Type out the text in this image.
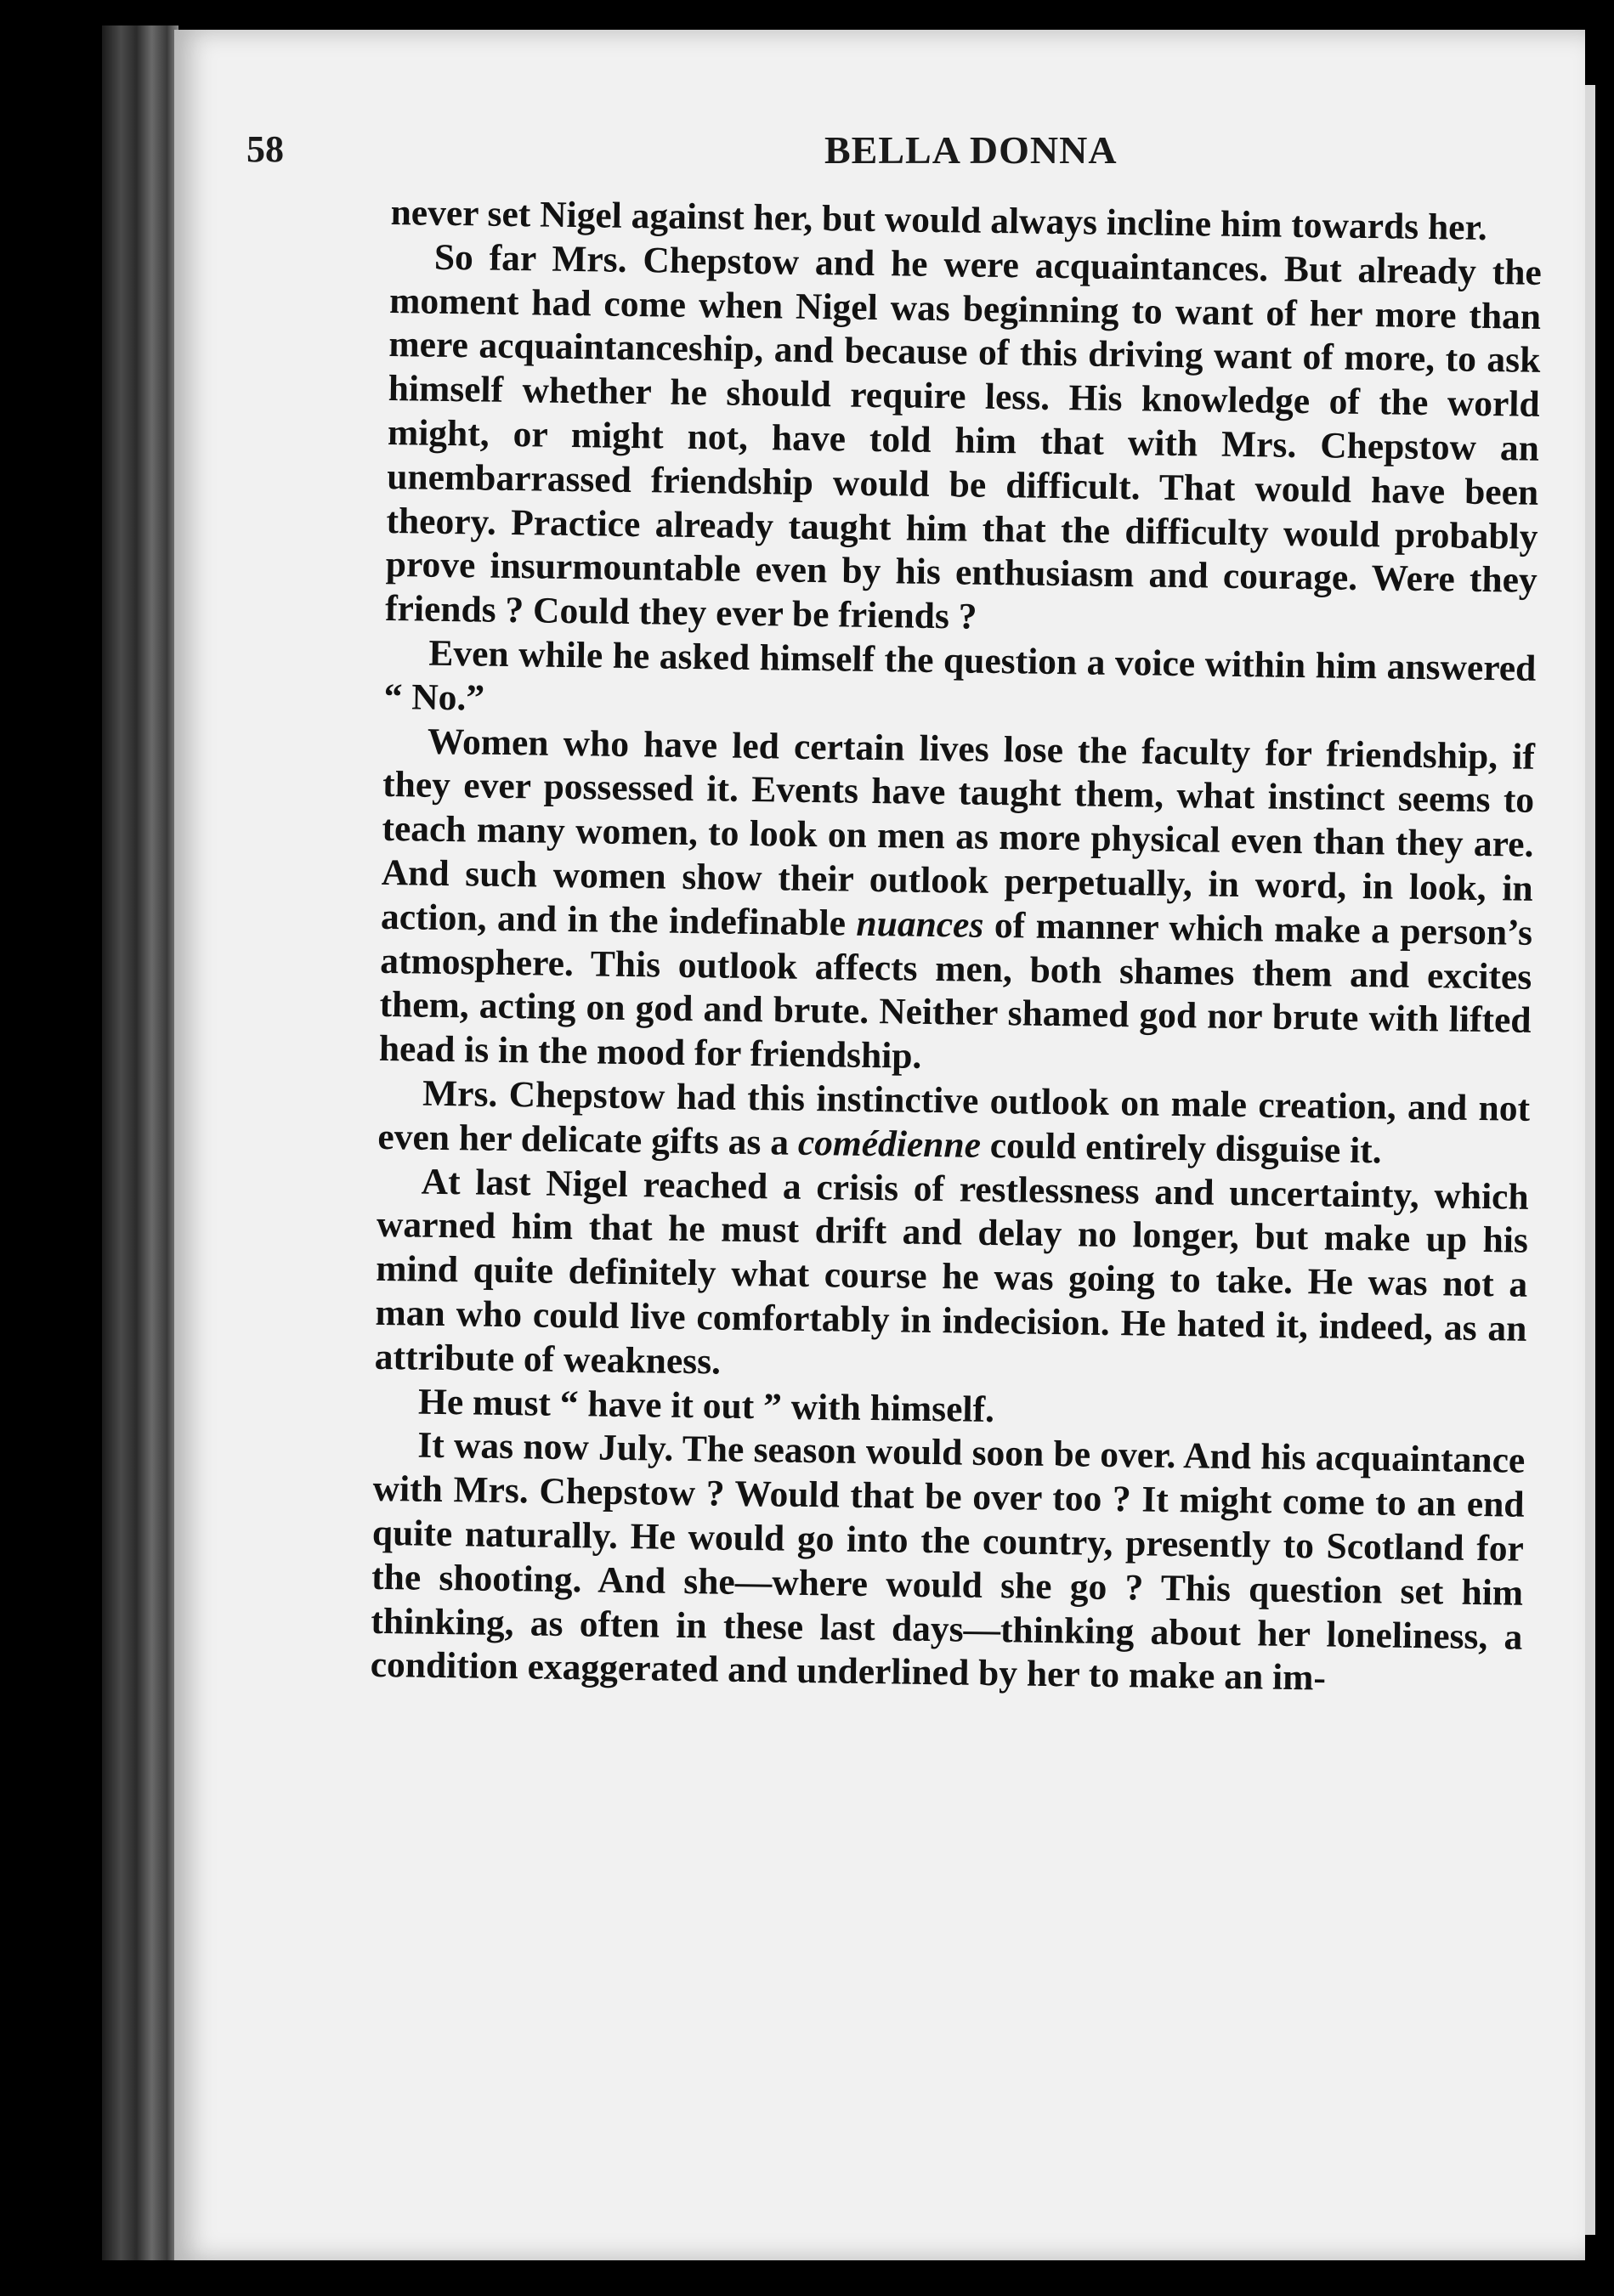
58	BELLA DONNA

never set Nigel against her, but would always incline him towards her.

So far Mrs. Chepstow and he were acquaintances. But already the moment had come when Nigel was beginning to want of her more than mere acquaintanceship, and because of this driving want of more, to ask himself whether he should require less. His knowledge of the world might, or might not, have told him that with Mrs. Chepstow an unembarrassed friendship would be difficult. That would have been theory. Practice already taught him that the difficulty would probably prove insurmountable even by his enthusiasm and courage. Were they friends ? Could they ever be friends ?

Even while he asked himself the question a voice within him answered “ No.”

Women who have led certain lives lose the faculty for friendship, if they ever possessed it. Events have taught them, what instinct seems to teach many women, to look on men as more physical even than they are. And such women show their outlook perpetually, in word, in look, in action, and in the indefinable nuances of manner which make a person’s atmosphere. This outlook affects men, both shames them and excites them, acting on god and brute. Neither shamed god nor brute with lifted head is in the mood for friendship.

Mrs. Chepstow had this instinctive outlook on male creation, and not even her delicate gifts as a comédienne could entirely disguise it.

At last Nigel reached a crisis of restlessness and uncertainty, which warned him that he must drift and delay no longer, but make up his mind quite definitely what course he was going to take. He was not a man who could live comfortably in indecision. He hated it, indeed, as an attribute of weakness.

He must “ have it out ” with himself.

It was now July. The season would soon be over. And his acquaintance with Mrs. Chepstow ? Would that be over too ? It might come to an end quite naturally. He would go into the country, presently to Scotland for the shooting. And she—where would she go ? This question set him thinking, as often in these last days—thinking about her loneliness, a condition exaggerated and underlined by her to make an im-
